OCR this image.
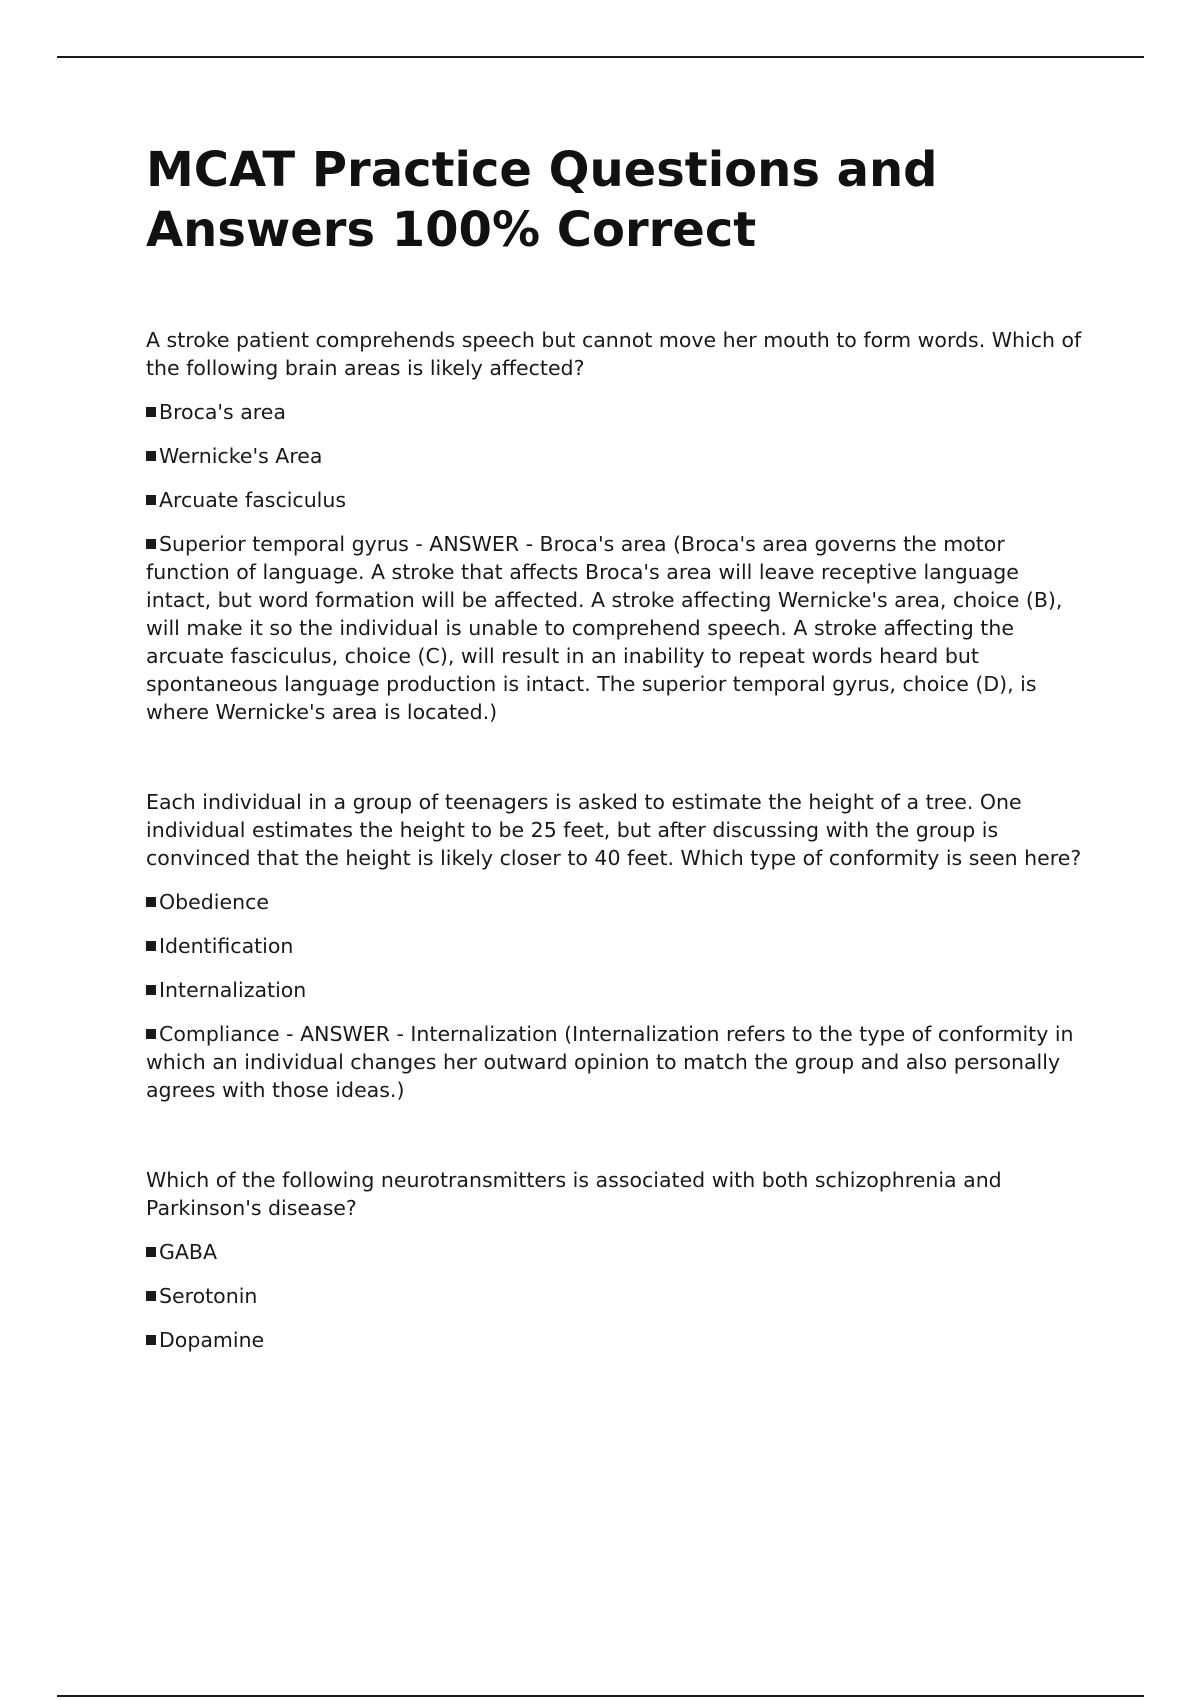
MCAT Practice Questions and Answers 100% Correct

A stroke patient comprehends speech but cannot move her mouth to form words. Which of the following brain areas is likely affected?

Broca's area

Wernicke's Area

Arcuate fasciculus

Superior temporal gyrus - ANSWER - Broca's area (Broca's area governs the motor function of language. A stroke that affects Broca's area will leave receptive language intact, but word formation will be affected. A stroke affecting Wernicke's area, choice (B), will make it so the individual is unable to comprehend speech. A stroke affecting the arcuate fasciculus, choice (C), will result in an inability to repeat words heard but spontaneous language production is intact. The superior temporal gyrus, choice (D), is where Wernicke's area is located.)

Each individual in a group of teenagers is asked to estimate the height of a tree. One individual estimates the height to be 25 feet, but after discussing with the group is convinced that the height is likely closer to 40 feet. Which type of conformity is seen here?

Obedience

Identification

Internalization

Compliance - ANSWER - Internalization (Internalization refers to the type of conformity in which an individual changes her outward opinion to match the group and also personally agrees with those ideas.)

Which of the following neurotransmitters is associated with both schizophrenia and Parkinson's disease?

GABA

Serotonin

Dopamine
